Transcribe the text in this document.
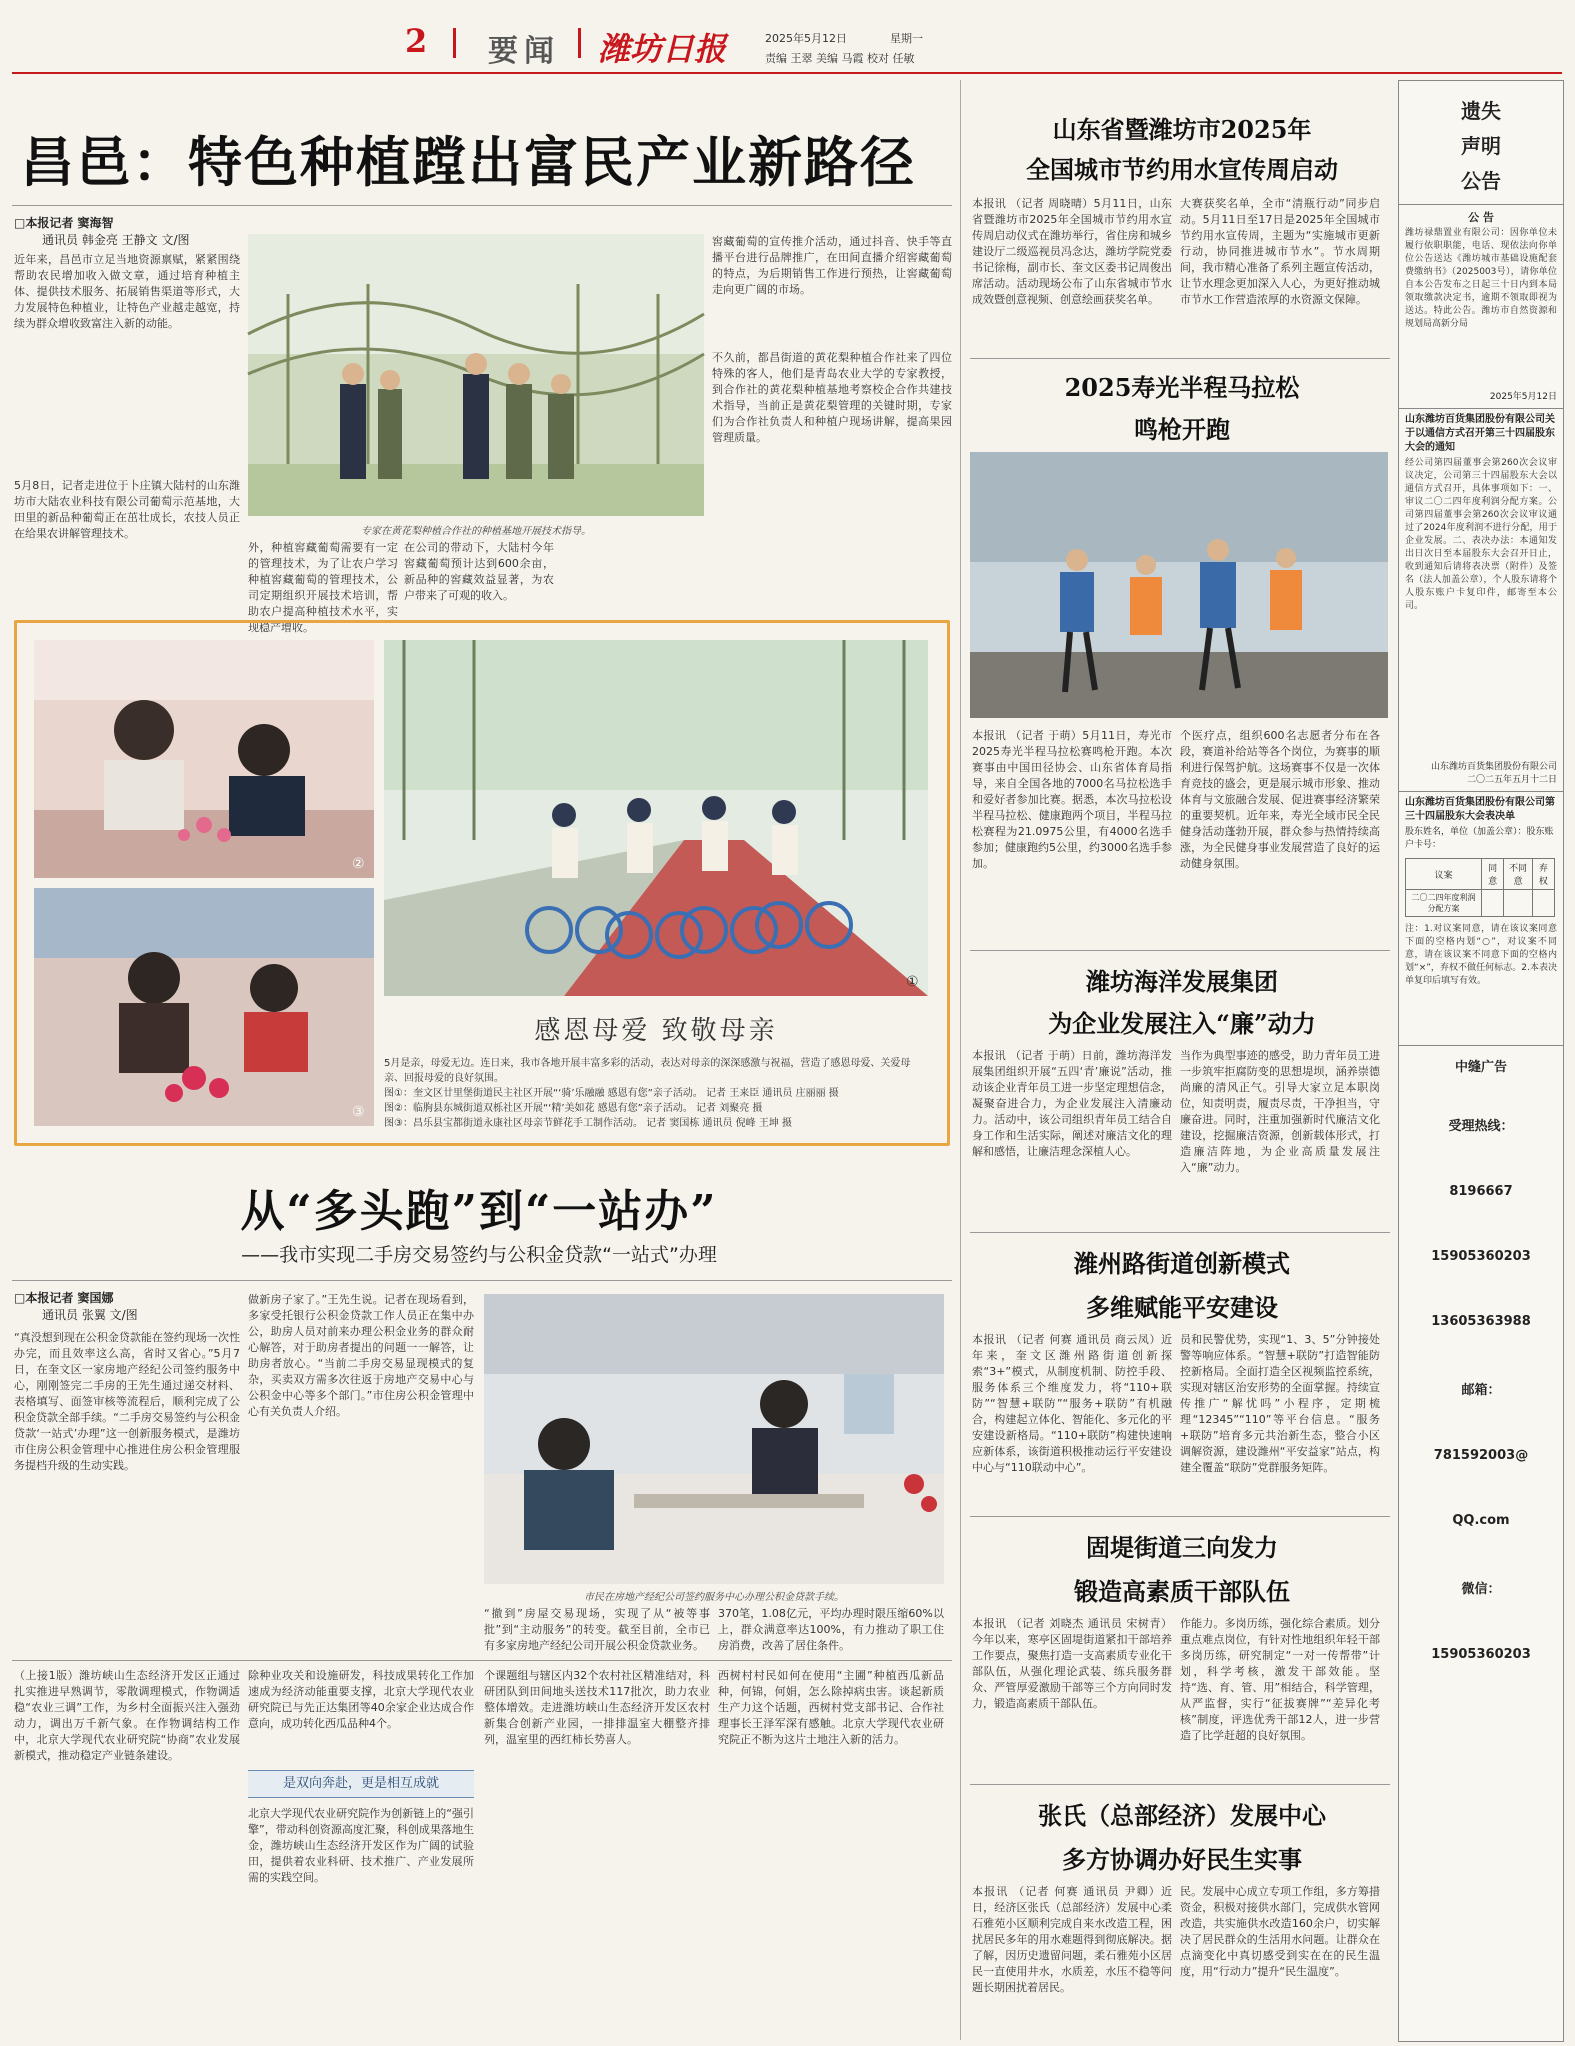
2 要闻 潍坊日报	2025年5月12日	星期一
责编 王翠 美编 马霞 校对 任敏
昌邑：特色种植蹚出富民产业新路径
□本报记者 窦海智
通讯员 韩金亮 王静文 文/图
近年来，昌邑市立足当地资源禀赋，紧紧围绕帮助农民增加收入做文章，通过培育种植主体、提供技术服务、拓展销售渠道等形式，大力发展特色种植业，让特色产业越走越宽，持续为群众增收致富注入新的动能。
5月8日，记者走进位于卜庄镇大陆村的山东潍坊市大陆农业科技有限公司葡萄示范基地，大田里的新品种葡萄正在茁壮成长，农技人员正在给果农讲解管理技术。	专家在黄花梨种植合作社的种植基地开展技术指导。
外，种植窖藏葡萄需要有一定的管理技术，为了让农户学习种植窖藏葡萄的管理技术，公司定期组织开展技术培训，帮助农户提高种植技术水平，实现稳产增收。
在公司的带动下，大陆村今年窖藏葡萄预计达到600余亩，新品种的窖藏效益显著，为农户带来了可观的收入。
窖藏葡萄的宣传推介活动，通过抖音、快手等直播平台进行品牌推广，在田间直播介绍窖藏葡萄的特点，为后期销售工作进行预热，让窖藏葡萄走向更广阔的市场。
不久前，都昌街道的黄花梨种植合作社来了四位特殊的客人，他们是青岛农业大学的专家教授，到合作社的黄花梨种植基地考察校企合作共建技术指导，当前正是黄花梨管理的关键时期，专家们为合作社负责人和种植户现场讲解，提高果园管理质量。
②
③
①
感恩母爱 致敬母亲
5月是亲，母爱无边。连日来，我市各地开展丰富多彩的活动，表达对母亲的深深感激与祝福，营造了感恩母爱、关爱母亲、回报母爱的良好氛围。
图①：奎文区廿里堡街道民主社区开展“‘骑’乐融融 感恩有您”亲子活动。 记者 王来臣 通讯员 庄丽丽 摄
图②：临朐县东城街道双栎社区开展“‘精’美如花 感恩有您”亲子活动。 记者 刘聚亮 摄
图③：昌乐县宝都街道永康社区母亲节鲜花手工制作活动。 记者 窦国栋 通讯员 倪峰 王坤 摄
从“多头跑”到“一站办”
——我市实现二手房交易签约与公积金贷款“一站式”办理
□本报记者 窦国娜
通讯员 张翼 文/图
“真没想到现在公积金贷款能在签约现场一次性办完，而且效率这么高，省时又省心。”5月7日，在奎文区一家房地产经纪公司签约服务中心，刚刚签完二手房的王先生通过递交材料、表格填写、面签审核等流程后，顺利完成了公积金贷款全部手续。“二手房交易签约与公积金贷款‘一站式’办理”这一创新服务模式，是潍坊市住房公积金管理中心推进住房公积金管理服务提档升级的生动实践。
做新房子家了。”王先生说。记者在现场看到，多家受托银行公积金贷款工作人员正在集中办公，助房人员对前来办理公积金业务的群众耐心解答，对于助房者提出的问题一一解答，让助房者放心。“当前二手房交易显现模式的复杂，买卖双方需多次往返于房地产交易中心与公积金中心等多个部门。”市住房公积金管理中心有关负责人介绍。
市民在房地产经纪公司签约服务中心办理公积金贷款手续。
“撤到”房屋交易现场，实现了从“被等事批”到“主动服务”的转变。截至目前，全市已有多家房地产经纪公司开展公积金贷款业务。
370笔，1.08亿元，平均办理时限压缩60%以上，群众满意率达100%，有力推动了职工住房消费，改善了居住条件。
（上接1版）潍坊峡山生态经济开发区正通过扎实推进早熟调节，零散调理模式，作物调适稳“农业三调”工作，为乡村全面振兴注入强劲动力，调出万千新气象。在作物调结构工作中，北京大学现代农业研究院“协商”农业发展新模式，推动稳定产业链条建设。
除种业攻关和设施研发，科技成果转化工作加速成为经济动能重要支撑，北京大学现代农业研究院已与先正达集团等40余家企业达成合作意向，成功转化西瓜品种4个。
是双向奔赴，更是相互成就
北京大学现代农业研究院作为创新链上的“强引擎”，带动科创资源高度汇聚，科创成果落地生金，潍坊峡山生态经济开发区作为广阔的试验田，提供着农业科研、技术推广、产业发展所需的实践空间。
个课题组与辖区内32个农村社区精准结对，科研团队到田间地头送技术117批次，助力农业整体增效。走进潍坊峡山生态经济开发区农村新集合创新产业园，一排排温室大棚整齐排列，温室里的西红柿长势喜人。
西树村村民如何在使用“主圃”种植西瓜新品种，何锦，何娟，怎么除掉病虫害。谈起新质生产力这个话题，西树村党支部书记、合作社理事长王泽军深有感触。北京大学现代农业研究院正不断为这片土地注入新的活力。
山东省暨潍坊市2025年
全国城市节约用水宣传周启动
本报讯 （记者 周晓晴）5月11日，山东省暨潍坊市2025年全国城市节约用水宣传周启动仪式在潍坊举行，省住房和城乡建设厅二级巡视员冯念达，潍坊学院党委书记徐梅，副市长、奎文区委书记周俊出席活动。活动现场公布了山东省城市节水成效暨创意视频、创意绘画获奖名单。
大赛获奖名单，全市“清瓶行动”同步启动。5月11日至17日是2025年全国城市节约用水宣传周，主题为“实施城市更新行动，协同推进城市节水”。节水周期间，我市精心准备了系列主题宣传活动，让节水理念更加深入人心，为更好推动城市节水工作营造浓厚的水资源文保障。
2025寿光半程马拉松
鸣枪开跑
本报讯 （记者 于萌）5月11日，寿光市2025寿光半程马拉松赛鸣枪开跑。本次赛事由中国田径协会、山东省体育局指导，来自全国各地的7000名马拉松选手和爱好者参加比赛。据悉，本次马拉松设半程马拉松、健康跑两个项目，半程马拉松赛程为21.0975公里，有4000名选手参加；健康跑约5公里，约3000名选手参加。
个医疗点，组织600名志愿者分布在各段，赛道补给站等各个岗位，为赛事的顺利进行保驾护航。这场赛事不仅是一次体育竞技的盛会，更是展示城市形象、推动体育与文旅融合发展、促进赛事经济繁荣的重要契机。近年来，寿光全域市民全民健身活动蓬勃开展，群众参与热情持续高涨，为全民健身事业发展营造了良好的运动健身氛围。
潍坊海洋发展集团
为企业发展注入“廉”动力
本报讯 （记者 于萌）日前，潍坊海洋发展集团组织开展“五四‘青’廉说”活动，推动该企业青年员工进一步坚定理想信念，凝聚奋进合力，为企业发展注入清廉动力。活动中，该公司组织青年员工结合自身工作和生活实际，阐述对廉洁文化的理解和感悟，让廉洁理念深植人心。
当作为典型事迹的感受，助力青年员工进一步筑牢拒腐防变的思想堤坝，涵养崇德尚廉的清风正气。引导大家立足本职岗位，知责明责，履责尽责，干净担当，守廉奋进。同时，注重加强新时代廉洁文化建设，挖掘廉洁资源，创新载体形式，打造廉洁阵地，为企业高质量发展注入“廉”动力。
潍州路街道创新模式
多维赋能平安建设
本报讯 （记者 何赛 通讯员 商云凤）近年来，奎文区潍州路街道创新探索“3+”模式，从制度机制、防控手段、服务体系三个维度发力，将“110+联防”“智慧+联防”“服务+联防”有机融合，构建起立体化、智能化、多元化的平安建设新格局。“110+联防”构建快速响应新体系，该街道积极推动运行平安建设中心与“110联动中心”。
员和民警优势，实现“1、3、5”分钟接处警等响应体系。“智慧+联防”打造智能防控新格局。全面打造全区视频监控系统，实现对辖区治安形势的全面掌握。持续宣传推广“解忧吗”小程序，定期梳理“12345”“110”等平台信息。“服务+联防”培育多元共治新生态，整合小区调解资源，建设潍州“平安益家”站点，构建全覆盖“联防”党群服务矩阵。
固堤街道三向发力
锻造高素质干部队伍
本报讯 （记者 刘晓杰 通讯员 宋树青）今年以来，寒亭区固堤街道紧扣干部培养工作要点，聚焦打造一支高素质专业化干部队伍，从强化理论武装、练兵服务群众、严管厚爱激励干部等三个方向同时发力，锻造高素质干部队伍。
作能力。多岗历练，强化综合素质。划分重点难点岗位，有针对性地组织年轻干部多岗历练，研究制定“一对一传帮带”计划，科学考核，激发干部效能。坚持“选、育、管、用”相结合，科学管理，从严监督，实行“征拔赛牌”“差异化考核”制度，评选优秀干部12人，进一步营造了比学赶超的良好氛围。
张氏（总部经济）发展中心
多方协调办好民生实事
本报讯 （记者 何赛 通讯员 尹卿）近日，经济区张氏（总部经济）发展中心柔石雅苑小区顺利完成自来水改造工程，困扰居民多年的用水难题得到彻底解决。据了解，因历史遗留问题，柔石雅苑小区居民一直使用井水，水质差，水压不稳等问题长期困扰着居民。
民。发展中心成立专项工作组，多方筹措资金，积极对接供水部门，完成供水管网改造，共实施供水改造160余户，切实解决了居民群众的生活用水问题。让群众在点滴变化中真切感受到实在在的民生温度，用“行动力”提升“民生温度”。
遗失
声明
公告
公 告
潍坊禄鼎置业有限公司：因你单位未履行依职职能，电话、现依法向你单位公告送达《潍坊城市基础设施配套费缴纳书》（2025003号），请你单位自本公告发布之日起三十日内到本局领取缴款决定书，逾期不领取即视为送达。特此公告。潍坊市自然资源和规划局高新分局
2025年5月12日
山东潍坊百货集团股份有限公司关于以通信方式召开第三十四届股东大会的通知
经公司第四届董事会第260次会议审议决定，公司第三十四届股东大会以通信方式召开，具体事项如下：一、审议二〇二四年度利润分配方案。公司第四届董事会第260次会议审议通过了2024年度利润不进行分配，用于企业发展。二、表决办法：本通知发出日次日至本届股东大会召开日止，收到通知后请将表决票（附件）及签名（法人加盖公章），个人股东请将个人股东账户卡复印件，邮寄至本公司。
山东潍坊百货集团股份有限公司
二〇二五年五月十二日
山东潍坊百货集团股份有限公司第三十四届股东大会表决单
股东姓名，单位（加盖公章）：股东账户卡号：
议案	同意	不同意	弃权
二〇二四年度利润分配方案			
注：1.对议案同意，请在该议案同意下面的空格内划“○”，对议案不同意，请在该议案不同意下面的空格内划“×”，弃权不做任何标志。2.本表决单复印后填写有效。
中缝广告
受理热线：
8196667
15905360203
13605363988
邮箱：
781592003@
QQ.com
微信：
15905360203
